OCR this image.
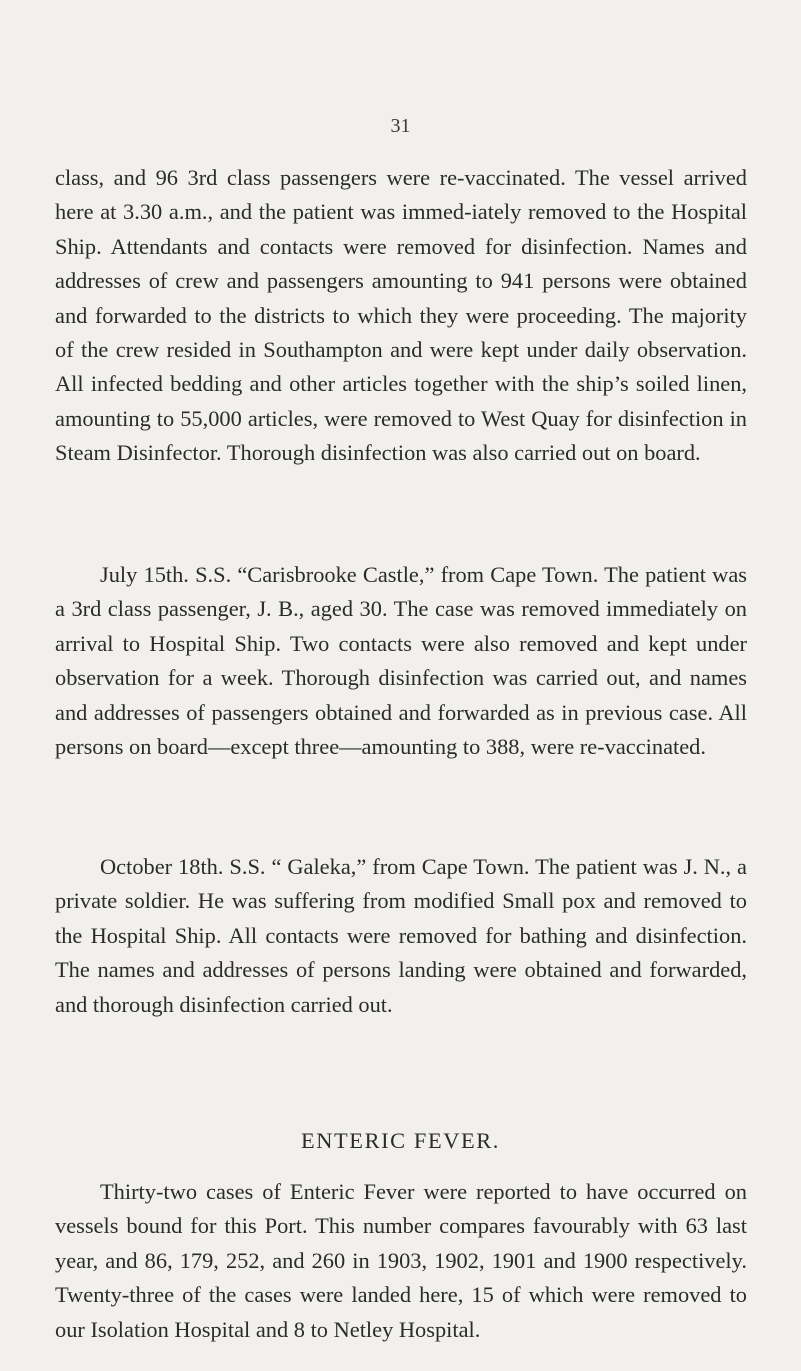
31

class, and 96 3rd class passengers were re-vaccinated. The vessel arrived here at 3.30 a.m., and the patient was immed-iately removed to the Hospital Ship. Attendants and contacts were removed for disinfection. Names and addresses of crew and passengers amounting to 941 persons were obtained and forwarded to the districts to which they were proceeding. The majority of the crew resided in Southampton and were kept under daily observation. All infected bedding and other articles together with the ship’s soiled linen, amounting to 55,000 articles, were removed to West Quay for disinfection in Steam Disinfector. Thorough disinfection was also carried out on board.

July 15th. S.S. “Carisbrooke Castle,” from Cape Town. The patient was a 3rd class passenger, J. B., aged 30. The case was removed immediately on arrival to Hospital Ship. Two contacts were also removed and kept under observation for a week. Thorough disinfection was carried out, and names and addresses of passengers obtained and forwarded as in previous case. All persons on board—except three—amounting to 388, were re-vaccinated.

October 18th. S.S. “ Galeka,” from Cape Town. The patient was J. N., a private soldier. He was suffering from modified Small pox and removed to the Hospital Ship. All contacts were removed for bathing and disinfection. The names and addresses of persons landing were obtained and forwarded, and thorough disinfection carried out.

ENTERIC FEVER.

Thirty-two cases of Enteric Fever were reported to have occurred on vessels bound for this Port. This number compares favourably with 63 last year, and 86, 179, 252, and 260 in 1903, 1902, 1901 and 1900 respectively. Twenty-three of the cases were landed here, 15 of which were removed to our Isolation Hospital and 8 to Netley Hospital.
